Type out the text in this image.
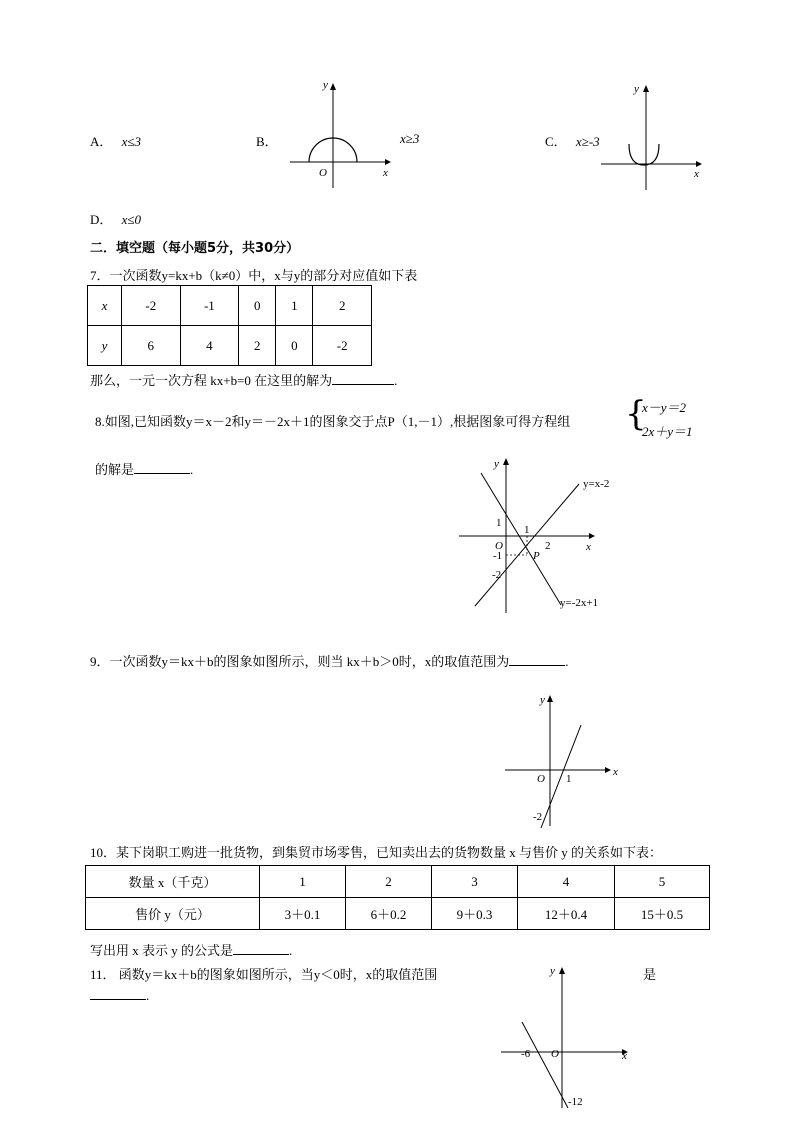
A． x≤3	B．	x≥3	C． x≥-3
D． x≤0
y
x
O
y
x
二．填空题（每小题5分，共30分）
7．一次函数y=kx+b（k≠0）中，x与y的部分对应值如下表
x	-2	-1	0	1	2
y	6	4	2	0	-2
那么，一元一次方程 kx+b=0 在这里的解为	.
8.如图,已知函数y＝x－2和y＝－2x＋1的图象交于点P（1,－1）,根据图象可得方程组 {
x－y＝2
2x＋y＝1
的解是	.	y
x
O
1
1
2
-1
-2
P
y=x-2
y=-2x+1
9．一次函数y＝kx＋b的图象如图所示，则当 kx＋b＞0时，x的取值范围为	.
y
x
O 1
-2
10．某下岗职工购进一批货物，到集贸市场零售，已知卖出去的货物数量 x 与售价 y 的关系如下表：
数量 x（千克）	1	2	3	4	5
售价 y（元）	3＋0.1	6＋0.2	9＋0.3	12＋0.4	15＋0.5
写出用 x 表示 y 的公式是	.
11． 函数y＝kx＋b的图象如图所示，当y＜0时，x的取值范围	是
.
y
x
O
-6
-12
